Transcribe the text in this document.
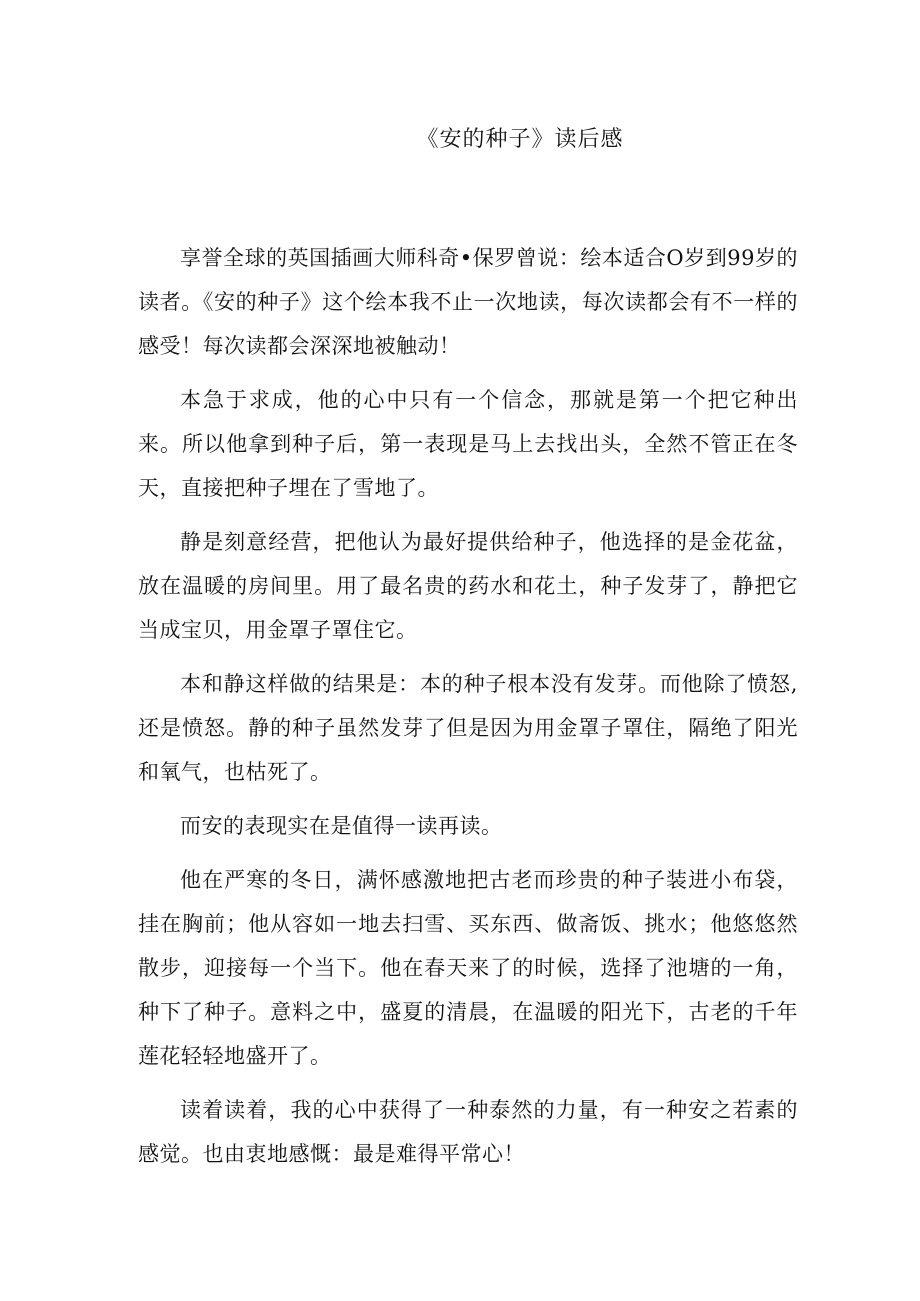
《安的种子》读后感

享誉全球的英国插画大师科奇•保罗曾说：绘本适合O岁到99岁的读者。《安的种子》这个绘本我不止一次地读，每次读都会有不一样的感受！每次读都会深深地被触动！

本急于求成，他的心中只有一个信念，那就是第一个把它种出来。所以他拿到种子后，第一表现是马上去找出头，全然不管正在冬天，直接把种子埋在了雪地了。

静是刻意经营，把他认为最好提供给种子，他选择的是金花盆，放在温暖的房间里。用了最名贵的药水和花土，种子发芽了，静把它当成宝贝，用金罩子罩住它。

本和静这样做的结果是：本的种子根本没有发芽。而他除了愤怒,还是愤怒。静的种子虽然发芽了但是因为用金罩子罩住，隔绝了阳光和氧气，也枯死了。

而安的表现实在是值得一读再读。

他在严寒的冬日，满怀感激地把古老而珍贵的种子装进小布袋，挂在胸前；他从容如一地去扫雪、买东西、做斋饭、挑水；他悠悠然散步，迎接每一个当下。他在春天来了的时候，选择了池塘的一角，种下了种子。意料之中，盛夏的清晨，在温暖的阳光下，古老的千年莲花轻轻地盛开了。

读着读着，我的心中获得了一种泰然的力量，有一种安之若素的感觉。也由衷地感慨：最是难得平常心！
